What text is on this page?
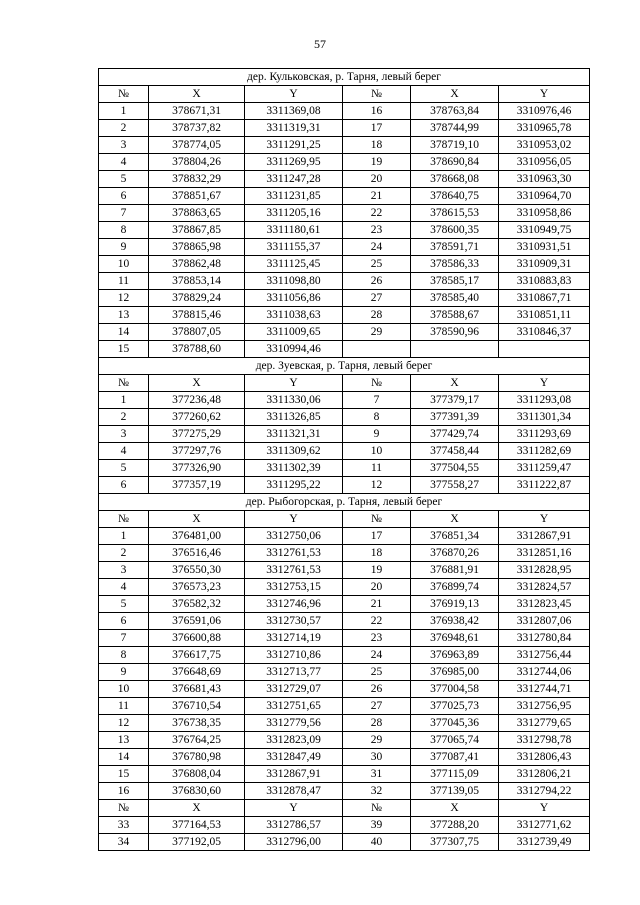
57
дер. Кульковская, р. Тарня, левый берег					
№	X	Y	№	X	Y
1	378671,31	3311369,08	16	378763,84	3310976,46
2	378737,82	3311319,31	17	378744,99	3310965,78
3	378774,05	3311291,25	18	378719,10	3310953,02
4	378804,26	3311269,95	19	378690,84	3310956,05
5	378832,29	3311247,28	20	378668,08	3310963,30
6	378851,67	3311231,85	21	378640,75	3310964,70
7	378863,65	3311205,16	22	378615,53	3310958,86
8	378867,85	3311180,61	23	378600,35	3310949,75
9	378865,98	3311155,37	24	378591,71	3310931,51
10	378862,48	3311125,45	25	378586,33	3310909,31
11	378853,14	3311098,80	26	378585,17	3310883,83
12	378829,24	3311056,86	27	378585,40	3310867,71
13	378815,46	3311038,63	28	378588,67	3310851,11
14	378807,05	3311009,65	29	378590,96	3310846,37
15	378788,60	3310994,46			
дер. Зуевская, р. Тарня, левый берег					
№	X	Y	№	X	Y
1	377236,48	3311330,06	7	377379,17	3311293,08
2	377260,62	3311326,85	8	377391,39	3311301,34
3	377275,29	3311321,31	9	377429,74	3311293,69
4	377297,76	3311309,62	10	377458,44	3311282,69
5	377326,90	3311302,39	11	377504,55	3311259,47
6	377357,19	3311295,22	12	377558,27	3311222,87
дер. Рыбогорская, р. Тарня, левый берег					
№	X	Y	№	X	Y
1	376481,00	3312750,06	17	376851,34	3312867,91
2	376516,46	3312761,53	18	376870,26	3312851,16
3	376550,30	3312761,53	19	376881,91	3312828,95
4	376573,23	3312753,15	20	376899,74	3312824,57
5	376582,32	3312746,96	21	376919,13	3312823,45
6	376591,06	3312730,57	22	376938,42	3312807,06
7	376600,88	3312714,19	23	376948,61	3312780,84
8	376617,75	3312710,86	24	376963,89	3312756,44
9	376648,69	3312713,77	25	376985,00	3312744,06
10	376681,43	3312729,07	26	377004,58	3312744,71
11	376710,54	3312751,65	27	377025,73	3312756,95
12	376738,35	3312779,56	28	377045,36	3312779,65
13	376764,25	3312823,09	29	377065,74	3312798,78
14	376780,98	3312847,49	30	377087,41	3312806,43
15	376808,04	3312867,91	31	377115,09	3312806,21
16	376830,60	3312878,47	32	377139,05	3312794,22
№	X	Y	№	X	Y
33	377164,53	3312786,57	39	377288,20	3312771,62
34	377192,05	3312796,00	40	377307,75	3312739,49
